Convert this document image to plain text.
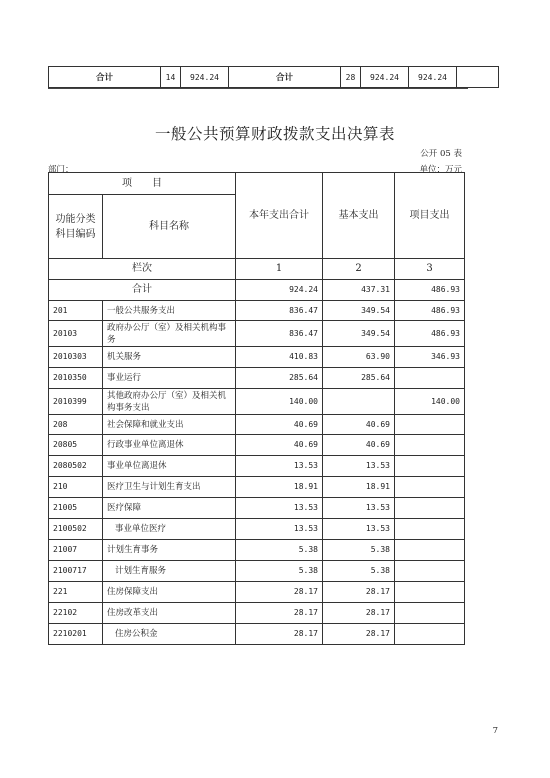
合计	14	924.24	合计	28	924.24	924.24	
一般公共预算财政拨款支出决算表
公开 05 表
部门：	单位：万元
项　　目		本年支出合计	基本支出	项目支出
功能分类科目编码	科目名称			
栏次		1	2	3
合计		924.24	437.31	486.93
201	一般公共服务支出	836.47	349.54	486.93
20103	政府办公厅（室）及相关机构事务	836.47	349.54	486.93
2010303	机关服务	410.83	63.90	346.93
2010350	事业运行	285.64	285.64	
2010399	其他政府办公厅（室）及相关机构事务支出	140.00		140.00
208	社会保障和就业支出	40.69	40.69	
20805	行政事业单位离退休	40.69	40.69	
2080502	事业单位离退休	13.53	13.53	
210	医疗卫生与计划生育支出	18.91	18.91	
21005	医疗保障	13.53	13.53	
2100502	事业单位医疗	13.53	13.53	
21007	计划生育事务	5.38	5.38	
2100717	计划生育服务	5.38	5.38	
221	住房保障支出	28.17	28.17	
22102	住房改革支出	28.17	28.17	
2210201	住房公积金	28.17	28.17	
7
